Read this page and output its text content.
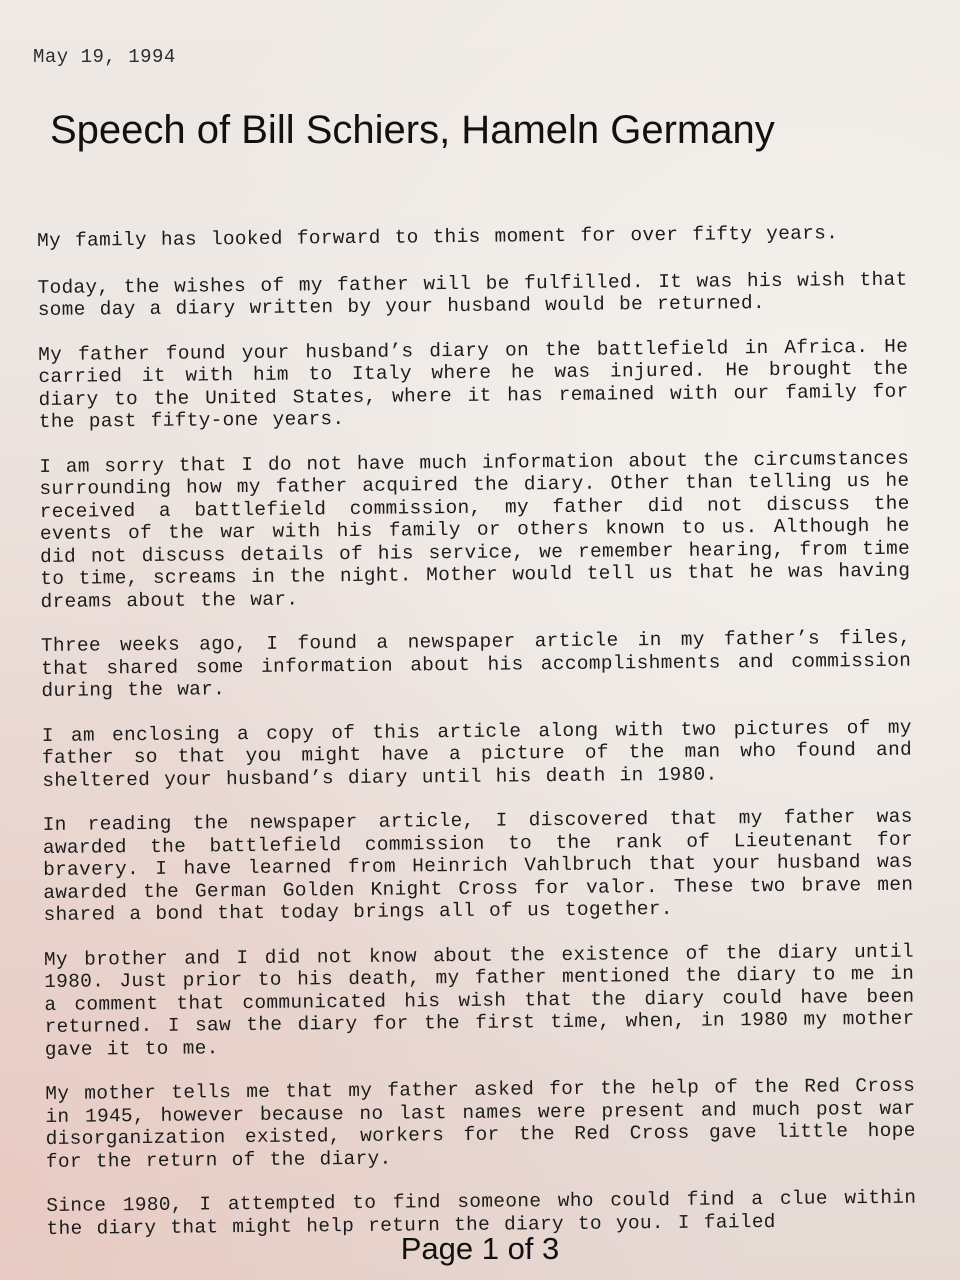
May 19, 1994
Speech of Bill Schiers, Hameln Germany

My family has looked forward to this moment for over fifty years.

Today, the wishes of my father will be fulfilled. It was his wish that some day a diary written by your husband would be returned.

My father found your husband’s diary on the battlefield in Africa. He carried it with him to Italy where he was injured. He brought the diary to the United States, where it has remained with our family for the past fifty-one years.

I am sorry that I do not have much information about the circumstances surrounding how my father acquired the diary. Other than telling us he received a battlefield commission, my father did not discuss the events of the war with his family or others known to us. Although he did not discuss details of his service, we remember hearing, from time to time, screams in the night. Mother would tell us that he was having dreams about the war.

Three weeks ago, I found a newspaper article in my father’s files, that shared some information about his accomplishments and commission during the war.

I am enclosing a copy of this article along with two pictures of my father so that you might have a picture of the man who found and sheltered your husband’s diary until his death in 1980.

In reading the newspaper article, I discovered that my father was awarded the battlefield commission to the rank of Lieutenant for bravery. I have learned from Heinrich Vahlbruch that your husband was awarded the German Golden Knight Cross for valor. These two brave men shared a bond that today brings all of us together.

My brother and I did not know about the existence of the diary until 1980. Just prior to his death, my father mentioned the diary to me in a comment that communicated his wish that the diary could have been returned. I saw the diary for the first time, when, in 1980 my mother gave it to me.

My mother tells me that my father asked for the help of the Red Cross in 1945, however because no last names were present and much post war disorganization existed, workers for the Red Cross gave little hope for the return of the diary.

Since 1980, I attempted to find someone who could find a clue within the diary that might help return the diary to you. I failed

Page 1 of 3
